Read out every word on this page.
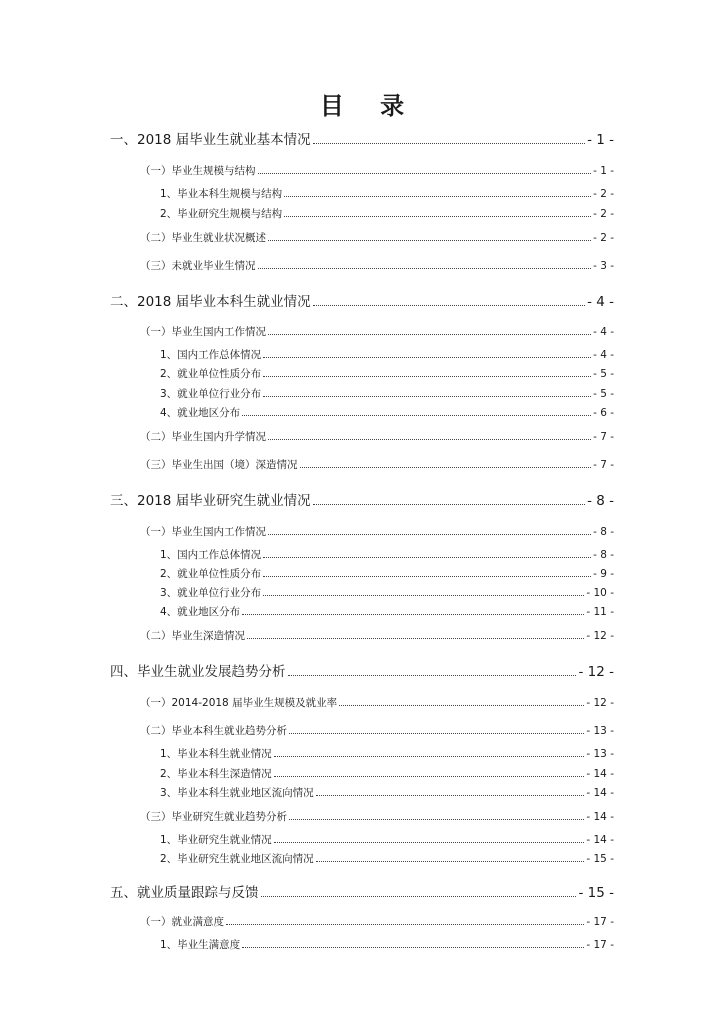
目 录
一、2018 届毕业生就业基本情况	- 1 -
（一）毕业生规模与结构	- 1 -
1、毕业本科生规模与结构	- 2 -
2、毕业研究生规模与结构	- 2 -
（二）毕业生就业状况概述	- 2 -
（三）未就业毕业生情况	- 3 -
二、2018 届毕业本科生就业情况	- 4 -
（一）毕业生国内工作情况	- 4 -
1、国内工作总体情况	- 4 -
2、就业单位性质分布	- 5 -
3、就业单位行业分布	- 5 -
4、就业地区分布	- 6 -
（二）毕业生国内升学情况	- 7 -
（三）毕业生出国（境）深造情况	- 7 -
三、2018 届毕业研究生就业情况	- 8 -
（一）毕业生国内工作情况	- 8 -
1、国内工作总体情况	- 8 -
2、就业单位性质分布	- 9 -
3、就业单位行业分布	- 10 -
4、就业地区分布	- 11 -
（二）毕业生深造情况	- 12 -
四、毕业生就业发展趋势分析	- 12 -
（一）2014-2018 届毕业生规模及就业率	- 12 -
（二）毕业本科生就业趋势分析	- 13 -
1、毕业本科生就业情况	- 13 -
2、毕业本科生深造情况	- 14 -
3、毕业本科生就业地区流向情况	- 14 -
（三）毕业研究生就业趋势分析	- 14 -
1、毕业研究生就业情况	- 14 -
2、毕业研究生就业地区流向情况	- 15 -
五、就业质量跟踪与反馈	- 15 -
（一）就业满意度	- 17 -
1、毕业生满意度	- 17 -
